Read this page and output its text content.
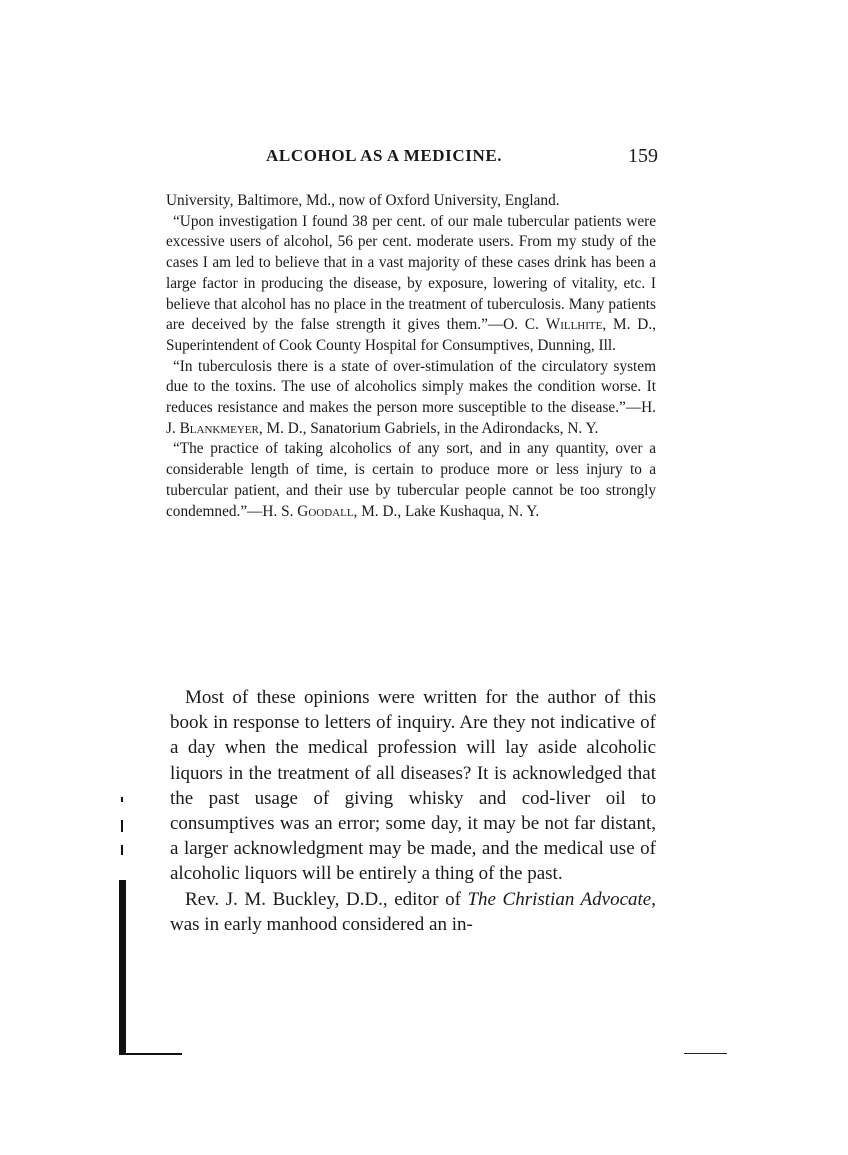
ALCOHOL AS A MEDICINE.	159

University, Baltimore, Md., now of Oxford University, England.

“Upon investigation I found 38 per cent. of our male tubercular patients were excessive users of alcohol, 56 per cent. moderate users. From my study of the cases I am led to believe that in a vast majority of these cases drink has been a large factor in producing the disease, by exposure, lowering of vitality, etc. I believe that alcohol has no place in the treatment of tuberculosis. Many patients are deceived by the false strength it gives them.”—O. C. Willhite, M. D., Superintendent of Cook County Hospital for Consumptives, Dunning, Ill.

“In tuberculosis there is a state of over-stimulation of the circulatory system due to the toxins. The use of alcoholics simply makes the condition worse. It reduces resistance and makes the person more susceptible to the disease.”—H. J. Blankmeyer, M. D., Sanatorium Gabriels, in the Adirondacks, N. Y.

“The practice of taking alcoholics of any sort, and in any quantity, over a considerable length of time, is certain to produce more or less injury to a tubercular patient, and their use by tubercular people cannot be too strongly condemned.”—H. S. Goodall, M. D., Lake Kushaqua, N. Y.

Most of these opinions were written for the author of this book in response to letters of inquiry. Are they not indicative of a day when the medical profession will lay aside alcoholic liquors in the treatment of all diseases? It is acknowledged that the past usage of giving whisky and cod-liver oil to consumptives was an error; some day, it may be not far distant, a larger acknowledgment may be made, and the medical use of alcoholic liquors will be entirely a thing of the past.

Rev. J. M. Buckley, D.D., editor of The Christian Advocate, was in early manhood considered an in-
